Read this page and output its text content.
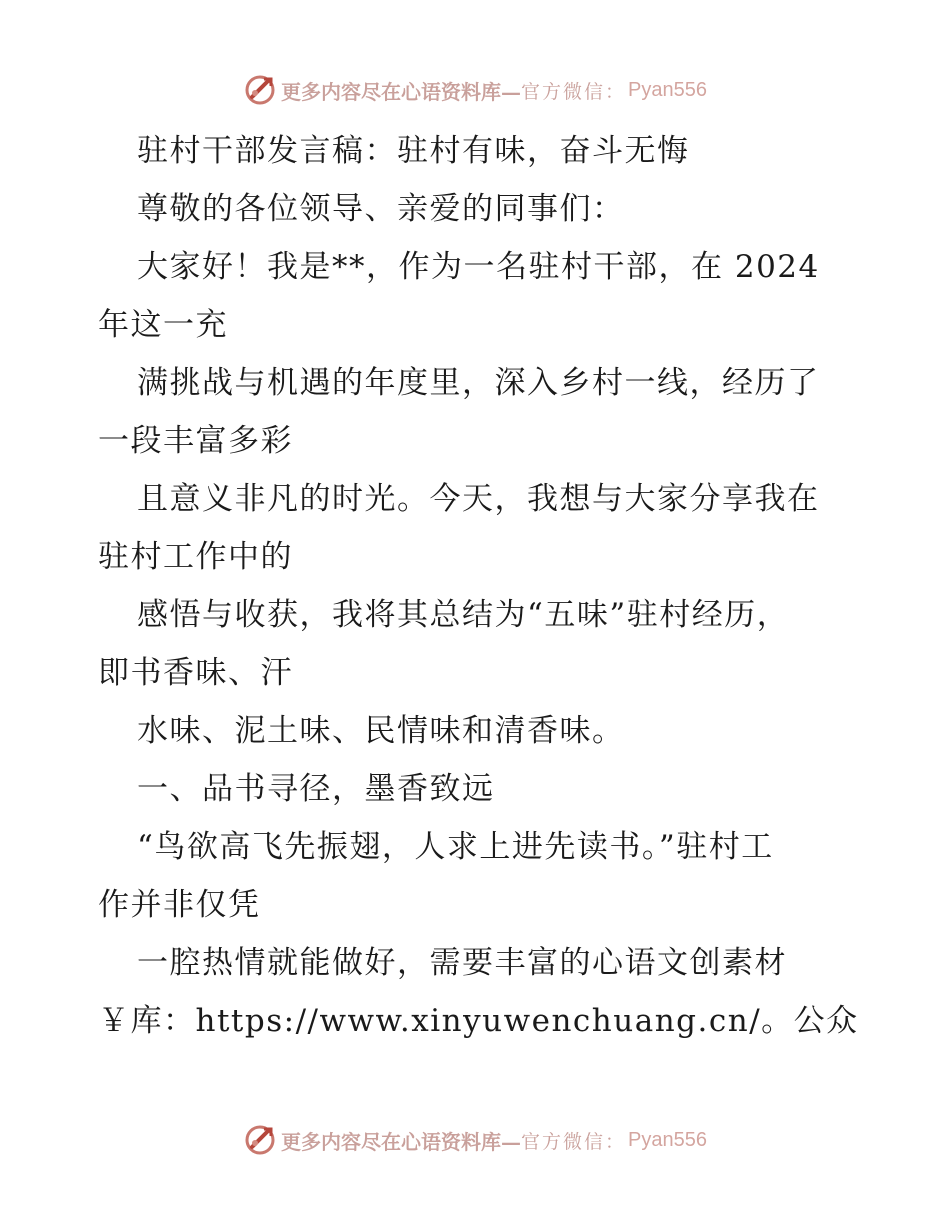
更多内容尽在心语资料库— 官方微信： Pyan556

驻村干部发言稿：驻村有味，奋斗无悔

尊敬的各位领导、亲爱的同事们：

大家好！我是**，作为一名驻村干部，在 2024

年这一充

满挑战与机遇的年度里，深入乡村一线，经历了

一段丰富多彩

且意义非凡的时光。今天，我想与大家分享我在

驻村工作中的

感悟与收获，我将其总结为“五味”驻村经历，

即书香味、汗

水味、泥土味、民情味和清香味。

一、品书寻径，墨香致远

“鸟欲高飞先振翅，人求上进先读书。”驻村工

作并非仅凭

一腔热情就能做好，需要丰富的心语文创素材

￥库：https://www.xinyuwenchuang.cn/。公众

更多内容尽在心语资料库— 官方微信： Pyan556
